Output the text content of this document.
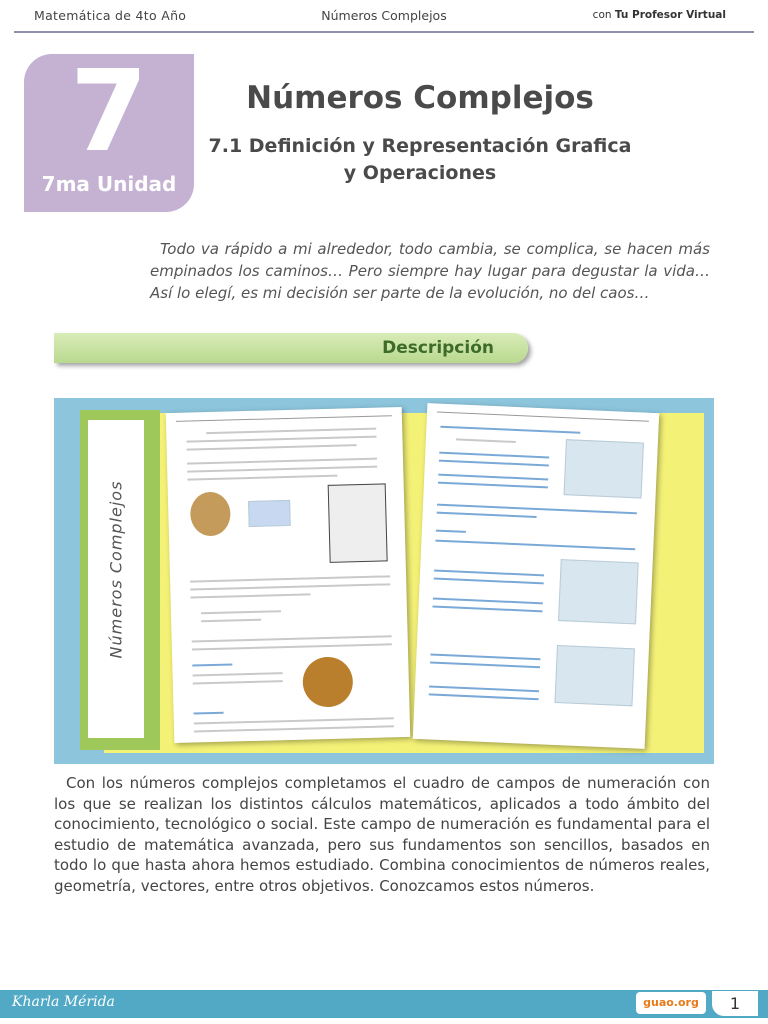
Matemática de 4to Año	Números Complejos	con Tu Profesor Virtual
7
7ma Unidad
Números Complejos
7.1 Definición y Representación Grafica y Operaciones
Todo va rápido a mi alrededor, todo cambia, se complica, se hacen más empinados los caminos… Pero siempre hay lugar para degustar la vida… Así lo elegí, es mi decisión ser parte de la evolución, no del caos…
Descripción
Números Complejos
Con los números complejos completamos el cuadro de campos de numeración con los que se realizan los distintos cálculos matemáticos, aplicados a todo ámbito del conocimiento, tecnológico o social. Este campo de numeración es fundamental para el estudio de matemática avanzada, pero sus fundamentos son sencillos, basados en todo lo que hasta ahora hemos estudiado. Combina conocimientos de números reales, geometría, vectores, entre otros objetivos. Conozcamos estos números.
Kharla Mérida	guao.org	1
